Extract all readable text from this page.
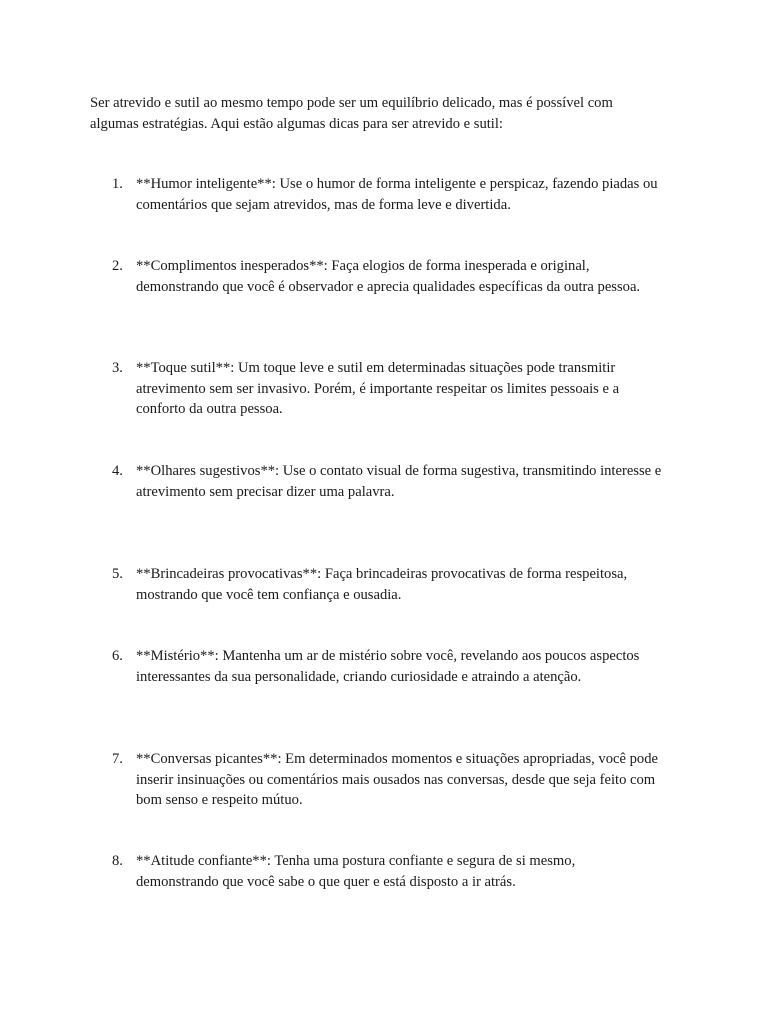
Ser atrevido e sutil ao mesmo tempo pode ser um equilíbrio delicado, mas é possível com
algumas estratégias. Aqui estão algumas dicas para ser atrevido e sutil:

1. **Humor inteligente**: Use o humor de forma inteligente e perspicaz, fazendo piadas ou
comentários que sejam atrevidos, mas de forma leve e divertida.
2. **Complimentos inesperados**: Faça elogios de forma inesperada e original,
demonstrando que você é observador e aprecia qualidades específicas da outra pessoa.
3. **Toque sutil**: Um toque leve e sutil em determinadas situações pode transmitir
atrevimento sem ser invasivo. Porém, é importante respeitar os limites pessoais e a
conforto da outra pessoa.
4. **Olhares sugestivos**: Use o contato visual de forma sugestiva, transmitindo interesse e
atrevimento sem precisar dizer uma palavra.
5. **Brincadeiras provocativas**: Faça brincadeiras provocativas de forma respeitosa,
mostrando que você tem confiança e ousadia.
6. **Mistério**: Mantenha um ar de mistério sobre você, revelando aos poucos aspectos
interessantes da sua personalidade, criando curiosidade e atraindo a atenção.
7. **Conversas picantes**: Em determinados momentos e situações apropriadas, você pode
inserir insinuações ou comentários mais ousados nas conversas, desde que seja feito com
bom senso e respeito mútuo.
8. **Atitude confiante**: Tenha uma postura confiante e segura de si mesmo,
demonstrando que você sabe o que quer e está disposto a ir atrás.
